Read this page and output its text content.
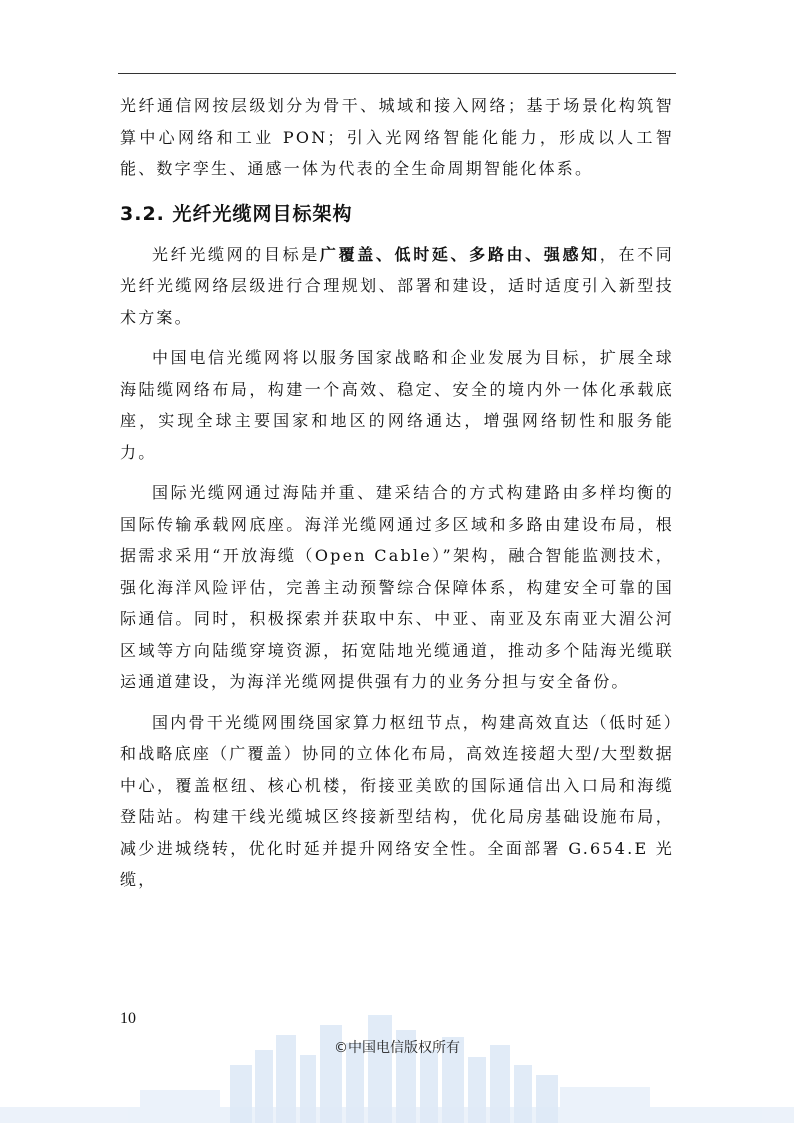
光纤通信网按层级划分为骨干、城域和接入网络；基于场景化构筑智算中心网络和工业 PON；引入光网络智能化能力，形成以人工智能、数字孪生、通感一体为代表的全生命周期智能化体系。

3.2. 光纤光缆网目标架构

光纤光缆网的目标是广覆盖、低时延、多路由、强感知，在不同光纤光缆网络层级进行合理规划、部署和建设，适时适度引入新型技术方案。

中国电信光缆网将以服务国家战略和企业发展为目标，扩展全球海陆缆网络布局，构建一个高效、稳定、安全的境内外一体化承载底座，实现全球主要国家和地区的网络通达，增强网络韧性和服务能力。

国际光缆网通过海陆并重、建采结合的方式构建路由多样均衡的国际传输承载网底座。海洋光缆网通过多区域和多路由建设布局，根据需求采用“开放海缆（Open Cable）”架构，融合智能监测技术，强化海洋风险评估，完善主动预警综合保障体系，构建安全可靠的国际通信。同时，积极探索并获取中东、中亚、南亚及东南亚大湄公河区域等方向陆缆穿境资源，拓宽陆地光缆通道，推动多个陆海光缆联运通道建设，为海洋光缆网提供强有力的业务分担与安全备份。

国内骨干光缆网围绕国家算力枢纽节点，构建高效直达（低时延）和战略底座（广覆盖）协同的立体化布局，高效连接超大型/大型数据中心，覆盖枢纽、核心机楼，衔接亚美欧的国际通信出入口局和海缆登陆站。构建干线光缆城区终接新型结构，优化局房基础设施布局，减少进城绕转，优化时延并提升网络安全性。全面部署 G.654.E 光缆，

10
©中国电信版权所有
